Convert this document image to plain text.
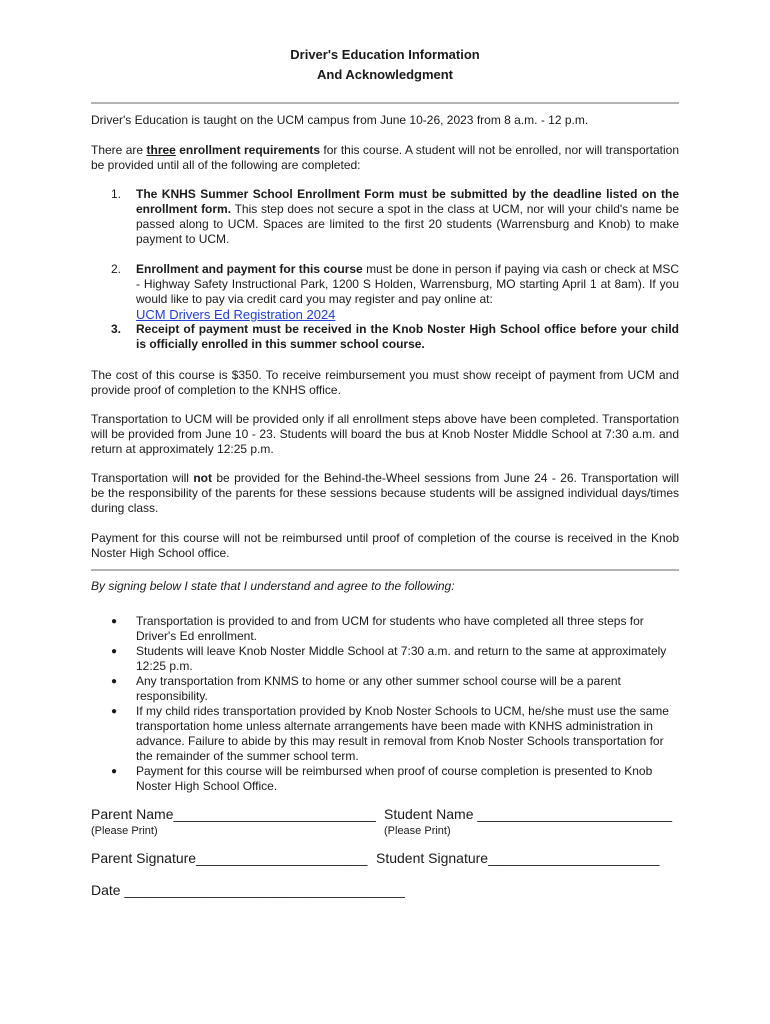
Driver's Education Information
And Acknowledgment
Driver's Education is taught on the UCM campus from June 10-26, 2023 from 8 a.m. - 12 p.m.
There are three enrollment requirements for this course. A student will not be enrolled, nor will transportation be provided until all of the following are completed:
1. The KNHS Summer School Enrollment Form must be submitted by the deadline listed on the enrollment form. This step does not secure a spot in the class at UCM, nor will your child's name be passed along to UCM. Spaces are limited to the first 20 students (Warrensburg and Knob) to make payment to UCM.
2. Enrollment and payment for this course must be done in person if paying via cash or check at MSC - Highway Safety Instructional Park, 1200 S Holden, Warrensburg, MO starting April 1 at 8am). If you would like to pay via credit card you may register and pay online at:
UCM Drivers Ed Registration 2024
3. Receipt of payment must be received in the Knob Noster High School office before your child is officially enrolled in this summer school course.
The cost of this course is $350. To receive reimbursement you must show receipt of payment from UCM and provide proof of completion to the KNHS office.
Transportation to UCM will be provided only if all enrollment steps above have been completed. Transportation will be provided from June 10 - 23. Students will board the bus at Knob Noster Middle School at 7:30 a.m. and return at approximately 12:25 p.m.
Transportation will not be provided for the Behind-the-Wheel sessions from June 24 - 26. Transportation will be the responsibility of the parents for these sessions because students will be assigned individual days/times during class.
Payment for this course will not be reimbursed until proof of completion of the course is received in the Knob Noster High School office.
By signing below I state that I understand and agree to the following:
● Transportation is provided to and from UCM for students who have completed all three steps for Driver's Ed enrollment.
● Students will leave Knob Noster Middle School at 7:30 a.m. and return to the same at approximately 12:25 p.m.
● Any transportation from KNMS to home or any other summer school course will be a parent responsibility.
● If my child rides transportation provided by Knob Noster Schools to UCM, he/she must use the same transportation home unless alternate arrangements have been made with KNHS administration in advance. Failure to abide by this may result in removal from Knob Noster Schools transportation for the remainder of the summer school term.
● Payment for this course will be reimbursed when proof of course completion is presented to Knob Noster High School Office.
Parent Name__________________________ Student Name _________________________
(Please Print)	(Please Print)
Parent Signature______________________ Student Signature______________________
Date ____________________________________
